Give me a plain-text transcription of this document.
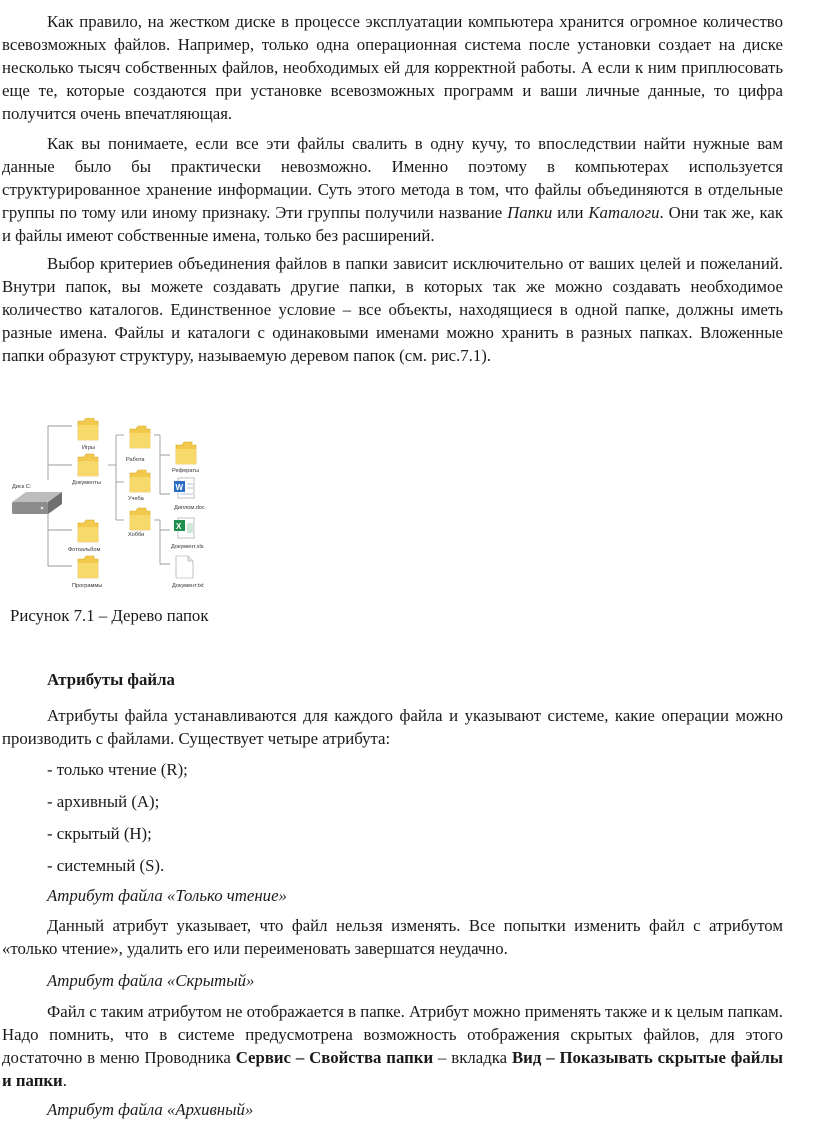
Как правило, на жестком диске в процессе эксплуатации компьютера хранится огромное количество всевозможных файлов. Например, только одна операционная система после установки создает на диске несколько тысяч собственных файлов, необходимых ей для корректной работы. А если к ним приплюсовать еще те, которые создаются при установке всевозможных программ и ваши личные данные, то цифра получится очень впечатляющая.

Как вы понимаете, если все эти файлы свалить в одну кучу, то впоследствии найти нужные вам данные было бы практически невозможно. Именно поэтому в компьютерах используется структурированное хранение информации. Суть этого метода в том, что файлы объединяются в отдельные группы по тому или иному признаку. Эти группы получили название Папки или Каталоги. Они так же, как и файлы имеют собственные имена, только без расширений.

Выбор критериев объединения файлов в папки зависит исключительно от ваших целей и пожеланий. Внутри папок, вы можете создавать другие папки, в которых так же можно создавать необходимое количество каталогов. Единственное условие – все объекты, находящиеся в одной папке, должны иметь разные имена. Файлы и каталоги с одинаковыми именами можно хранить в разных папках. Вложенные папки образуют структуру, называемую деревом папок (см. рис.7.1).

Диск C:
Игры
Документы
Фотоальбом
Программы
Работа
Учеба
Хобби
Рефераты
W
Диплом.doc
X
Документ.xls
Документ.txt

Рисунок 7.1 – Дерево папок

Атрибуты файла

Атрибуты файла устанавливаются для каждого файла и указывают системе, какие операции можно производить с файлами. Существует четыре атрибута:

- только чтение (R);

- архивный (A);

- скрытый (H);

- системный (S).

Атрибут файла «Только чтение»

Данный атрибут указывает, что файл нельзя изменять. Все попытки изменить файл с атрибутом «только чтение», удалить его или переименовать завершатся неудачно.

Атрибут файла «Скрытый»

Файл с таким атрибутом не отображается в папке. Атрибут можно применять также и к целым папкам. Надо помнить, что в системе предусмотрена возможность отображения скрытых файлов, для этого достаточно в меню Проводника Сервис – Свойства папки – вкладка Вид – Показывать скрытые файлы и папки.

Атрибут файла «Архивный»
